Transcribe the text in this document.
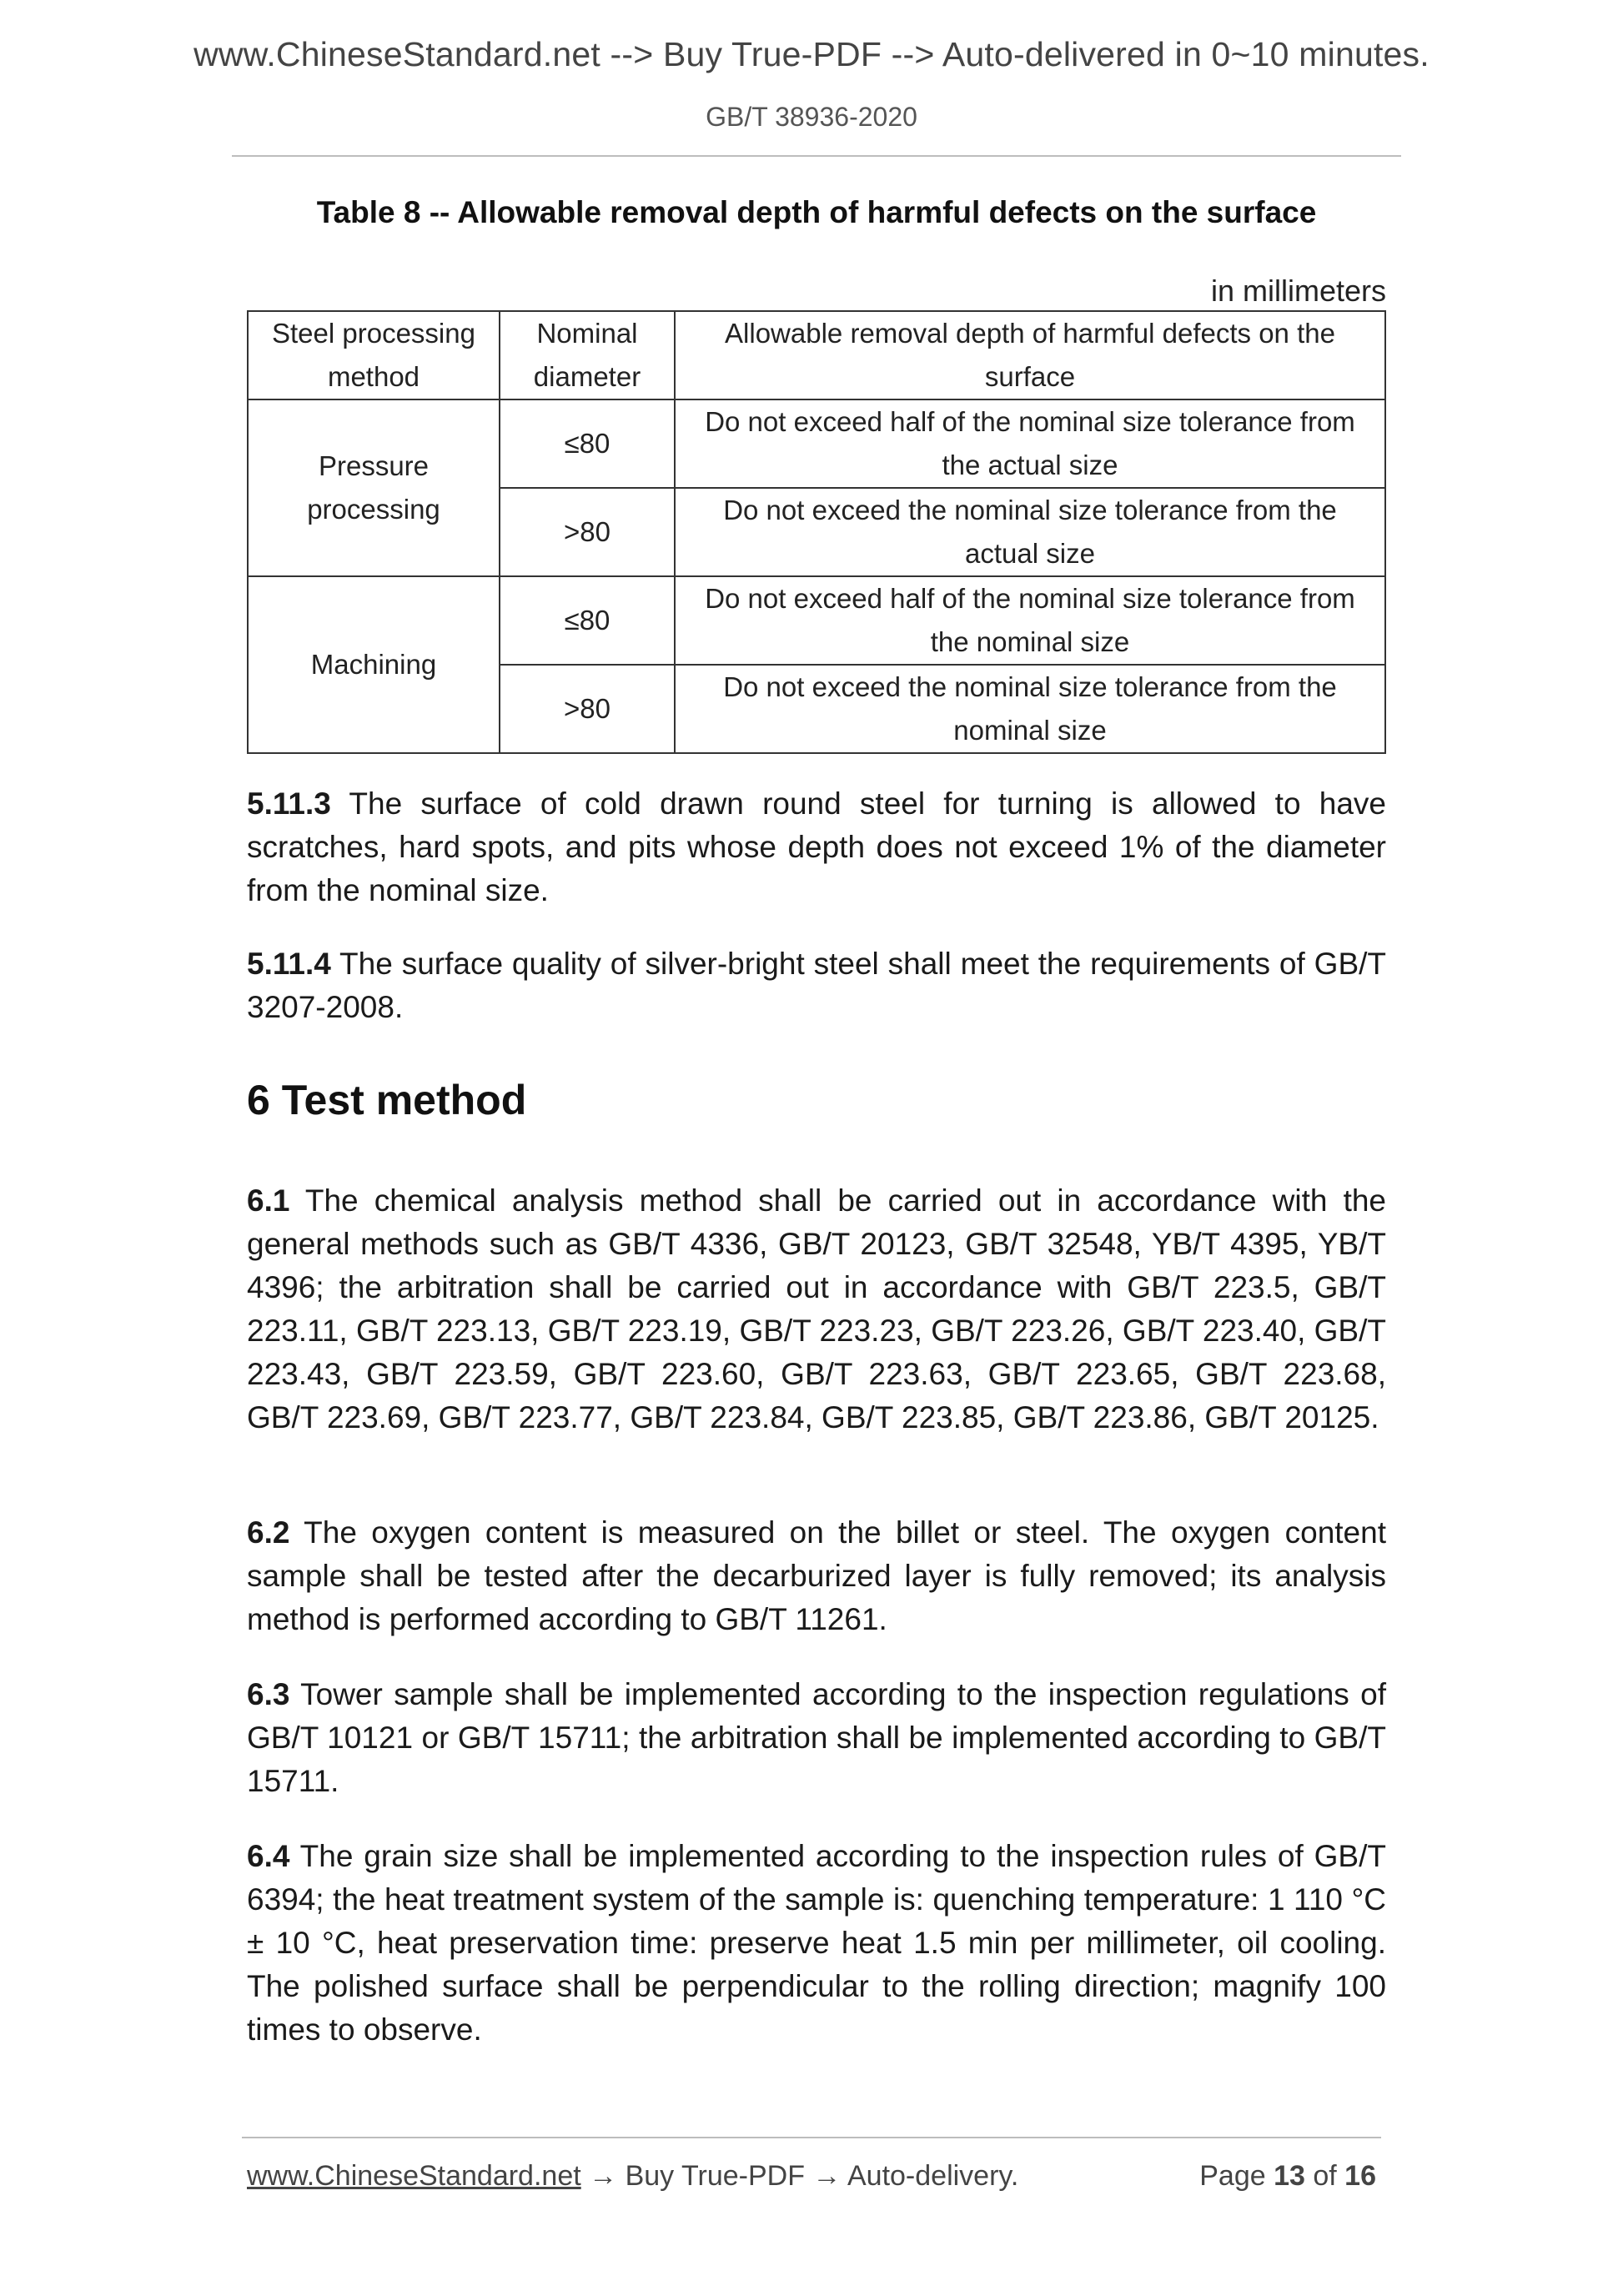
www.ChineseStandard.net --> Buy True-PDF --> Auto-delivered in 0~10 minutes.
GB/T 38936-2020
Table 8 -- Allowable removal depth of harmful defects on the surface
in millimeters
Steel processing method	Nominal diameter	Allowable removal depth of harmful defects on the surface
Pressure processing	≤80	Do not exceed half of the nominal size tolerance from the actual size
	>80	Do not exceed the nominal size tolerance from the actual size
Machining	≤80	Do not exceed half of the nominal size tolerance from the nominal size
	>80	Do not exceed the nominal size tolerance from the nominal size

5.11.3 The surface of cold drawn round steel for turning is allowed to have scratches, hard spots, and pits whose depth does not exceed 1% of the diameter from the nominal size.

5.11.4 The surface quality of silver-bright steel shall meet the requirements of GB/T 3207-2008.

6 Test method

6.1 The chemical analysis method shall be carried out in accordance with the general methods such as GB/T 4336, GB/T 20123, GB/T 32548, YB/T 4395, YB/T 4396; the arbitration shall be carried out in accordance with GB/T 223.5, GB/T 223.11, GB/T 223.13, GB/T 223.19, GB/T 223.23, GB/T 223.26, GB/T 223.40, GB/T 223.43, GB/T 223.59, GB/T 223.60, GB/T 223.63, GB/T 223.65, GB/T 223.68, GB/T 223.69, GB/T 223.77, GB/T 223.84, GB/T 223.85, GB/T 223.86, GB/T 20125.

6.2 The oxygen content is measured on the billet or steel. The oxygen content sample shall be tested after the decarburized layer is fully removed; its analysis method is performed according to GB/T 11261.

6.3 Tower sample shall be implemented according to the inspection regulations of GB/T 10121 or GB/T 15711; the arbitration shall be implemented according to GB/T 15711.

6.4 The grain size shall be implemented according to the inspection rules of GB/T 6394; the heat treatment system of the sample is: quenching temperature: 1 110 °C ± 10 °C, heat preservation time: preserve heat 1.5 min per millimeter, oil cooling. The polished surface shall be perpendicular to the rolling direction; magnify 100 times to observe.

www.ChineseStandard.net → Buy True-PDF → Auto-delivery.	Page 13 of 16
